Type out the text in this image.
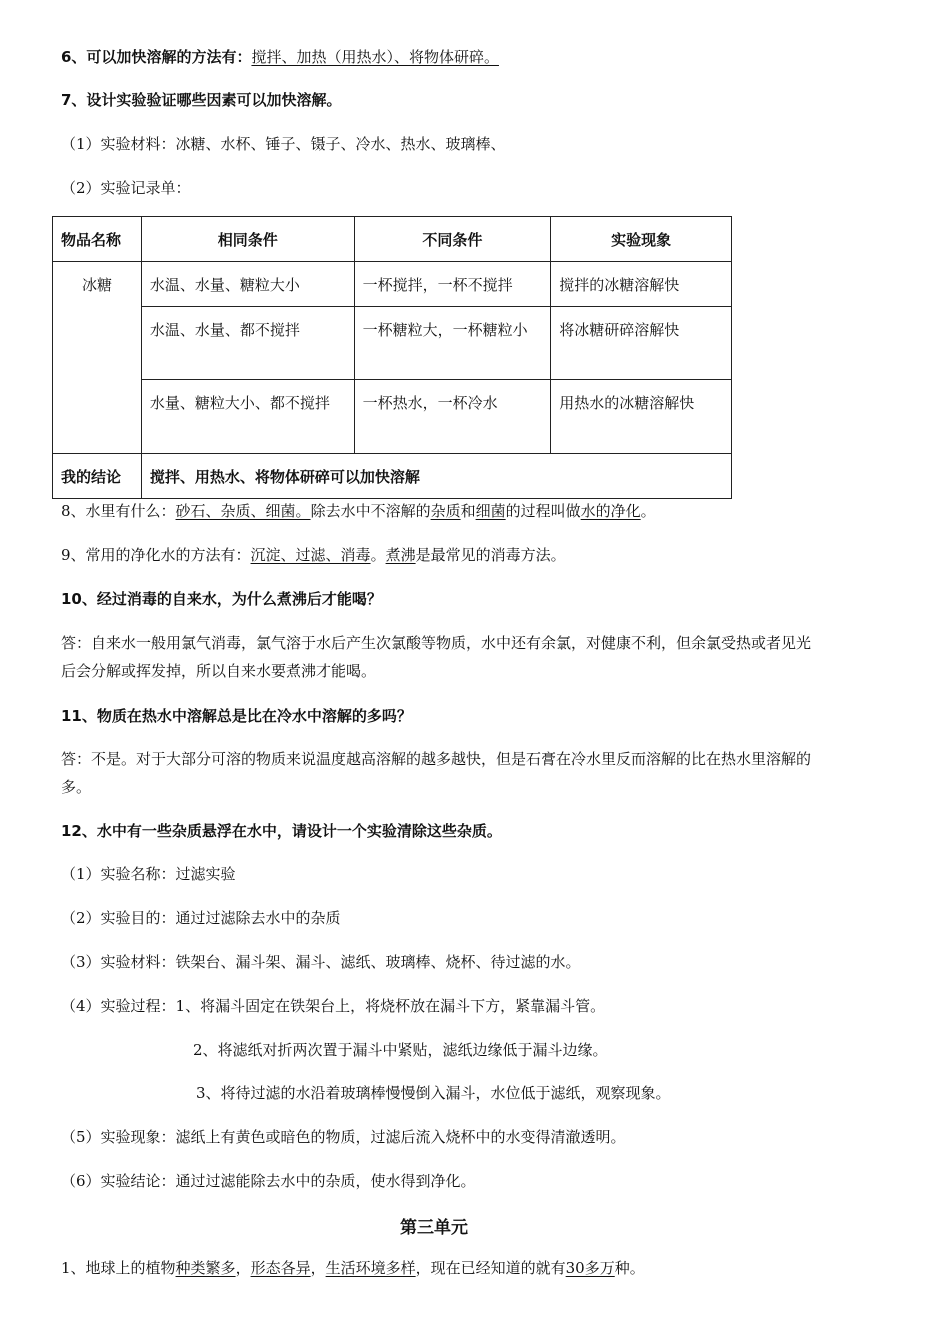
6、可以加快溶解的方法有：搅拌、加热（用热水）、将物体研碎。
7、设计实验验证哪些因素可以加快溶解。
（1）实验材料：冰糖、水杯、锤子、镊子、冷水、热水、玻璃棒、
（2）实验记录单：
物品名称	相同条件	不同条件	实验现象
冰糖	水温、水量、糖粒大小	一杯搅拌，一杯不搅拌	搅拌的冰糖溶解快
	水温、水量、都不搅拌	一杯糖粒大，一杯糖粒小	将冰糖研碎溶解快
	水量、糖粒大小、都不搅拌	一杯热水，一杯冷水	用热水的冰糖溶解快
我的结论	搅拌、用热水、将物体研碎可以加快溶解		
8、水里有什么：砂石、杂质、细菌。除去水中不溶解的杂质和细菌的过程叫做水的净化。
9、常用的净化水的方法有：沉淀、过滤、消毒。煮沸是最常见的消毒方法。
10、经过消毒的自来水，为什么煮沸后才能喝？
答：自来水一般用氯气消毒，氯气溶于水后产生次氯酸等物质，水中还有余氯，对健康不利，但余氯受热或者见光后会分解或挥发掉，所以自来水要煮沸才能喝。
11、物质在热水中溶解总是比在冷水中溶解的多吗？
答：不是。对于大部分可溶的物质来说温度越高溶解的越多越快，但是石膏在冷水里反而溶解的比在热水里溶解的多。
12、水中有一些杂质悬浮在水中，请设计一个实验清除这些杂质。
（1）实验名称：过滤实验
（2）实验目的：通过过滤除去水中的杂质
（3）实验材料：铁架台、漏斗架、漏斗、滤纸、玻璃棒、烧杯、待过滤的水。
（4）实验过程：1、将漏斗固定在铁架台上，将烧杯放在漏斗下方，紧靠漏斗管。
2、将滤纸对折两次置于漏斗中紧贴，滤纸边缘低于漏斗边缘。
3、将待过滤的水沿着玻璃棒慢慢倒入漏斗，水位低于滤纸，观察现象。
（5）实验现象：滤纸上有黄色或暗色的物质，过滤后流入烧杯中的水变得清澈透明。
（6）实验结论：通过过滤能除去水中的杂质，使水得到净化。
第三单元
1、地球上的植物种类繁多，形态各异，生活环境多样，现在已经知道的就有30多万种。
